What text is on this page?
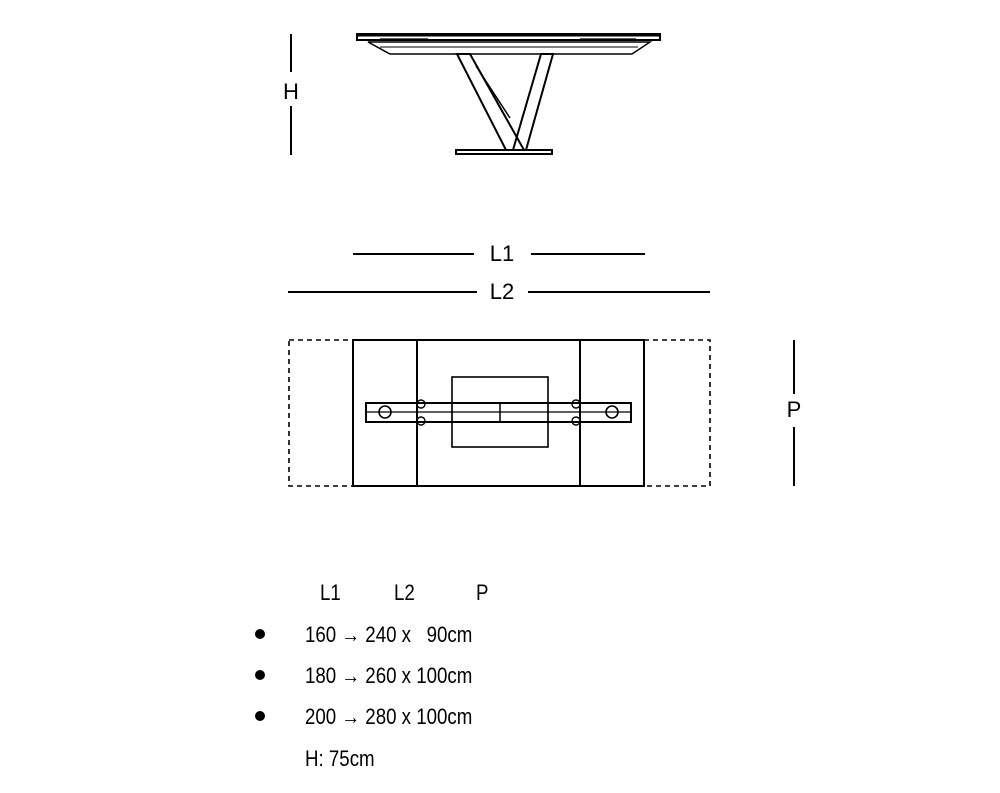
H
L1
L2
P
L1 L2	P
160 → 240 x   90cm
180 → 260 x 100cm
200 → 280 x 100cm
H: 75cm
